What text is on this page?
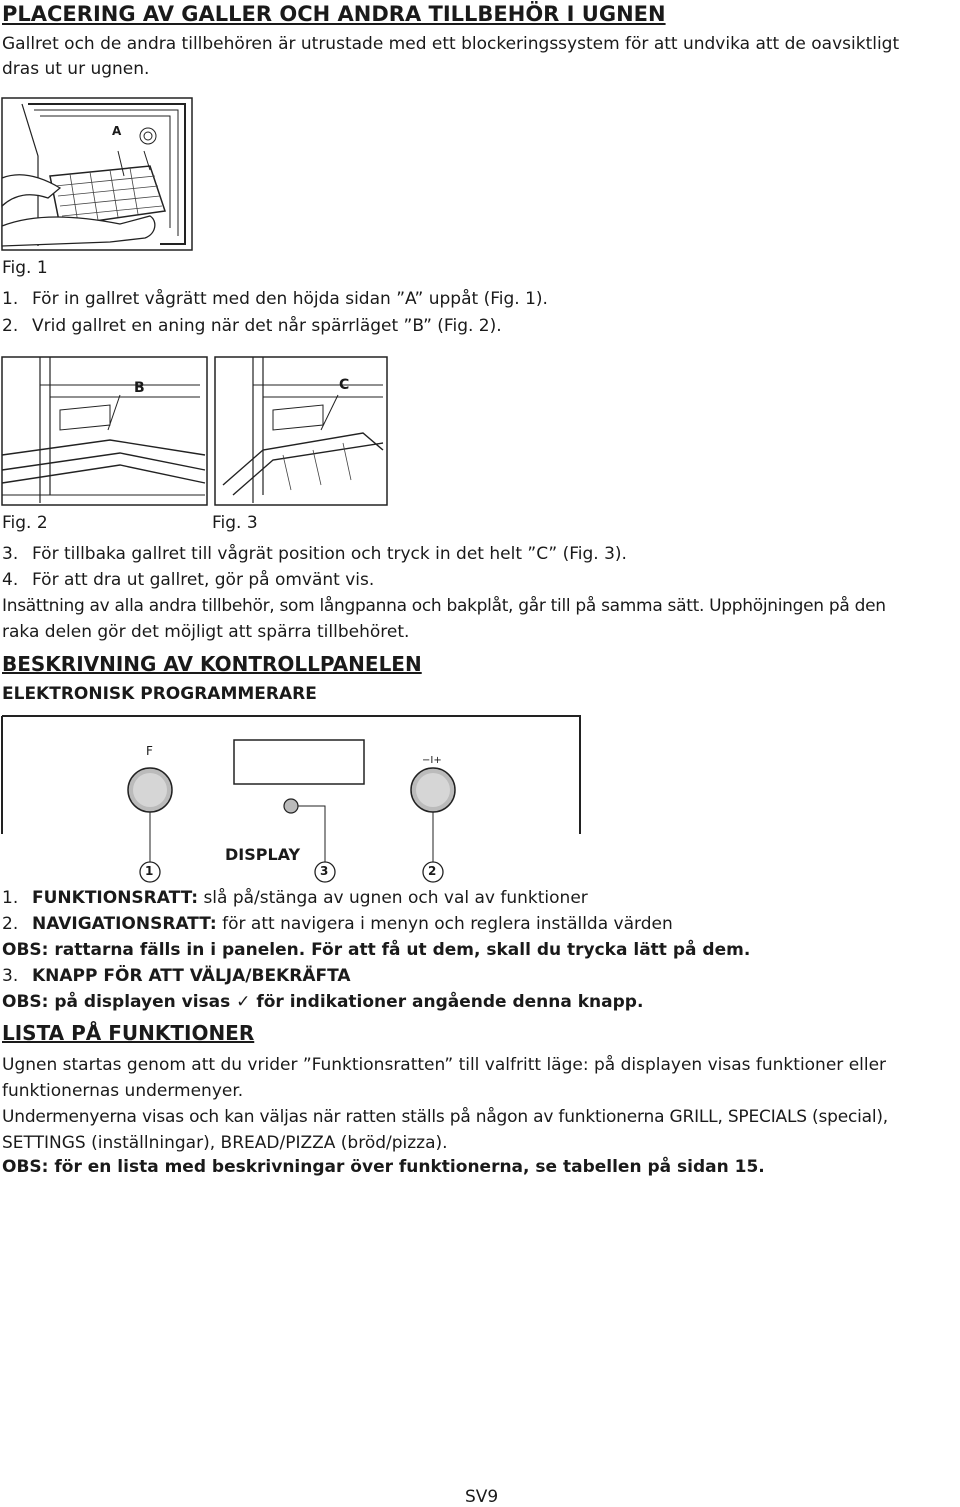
PLACERING AV GALLER OCH ANDRA TILLBEHÖR I UGNEN
Gallret och de andra tillbehören är utrustade med ett blockeringssystem för att undvika att de oavsiktligt
dras ut ur ugnen.
A
Fig. 1
1. För in gallret vågrätt med den höjda sidan ”A” uppåt (Fig. 1).
2. Vrid gallret en aning när det når spärrläget ”B” (Fig. 2).
B	C
Fig. 2	Fig. 3
3. För tillbaka gallret till vågrät position och tryck in det helt ”C” (Fig. 3).
4. För att dra ut gallret, gör på omvänt vis.
Insättning av alla andra tillbehör, som långpanna och bakplåt, går till på samma sätt. Upphöjningen på den
raka delen gör det möjligt att spärra tillbehöret.
BESKRIVNING AV KONTROLLPANELEN
ELEKTRONISK PROGRAMMERARE
F
−I+
DISPLAY
1	3	2
1. FUNKTIONSRATT: slå på/stänga av ugnen och val av funktioner
2. NAVIGATIONSRATT: för att navigera i menyn och reglera inställda värden
OBS: rattarna fälls in i panelen. För att få ut dem, skall du trycka lätt på dem.
3. KNAPP FÖR ATT VÄLJA/BEKRÄFTA
OBS: på displayen visas ✓ för indikationer angående denna knapp.
LISTA PÅ FUNKTIONER
Ugnen startas genom att du vrider ”Funktionsratten” till valfritt läge: på displayen visas funktioner eller
funktionernas undermenyer.
Undermenyerna visas och kan väljas när ratten ställs på någon av funktionerna GRILL, SPECIALS (special),
SETTINGS (inställningar), BREAD/PIZZA (bröd/pizza).
OBS: för en lista med beskrivningar över funktionerna, se tabellen på sidan 15.
SV9
